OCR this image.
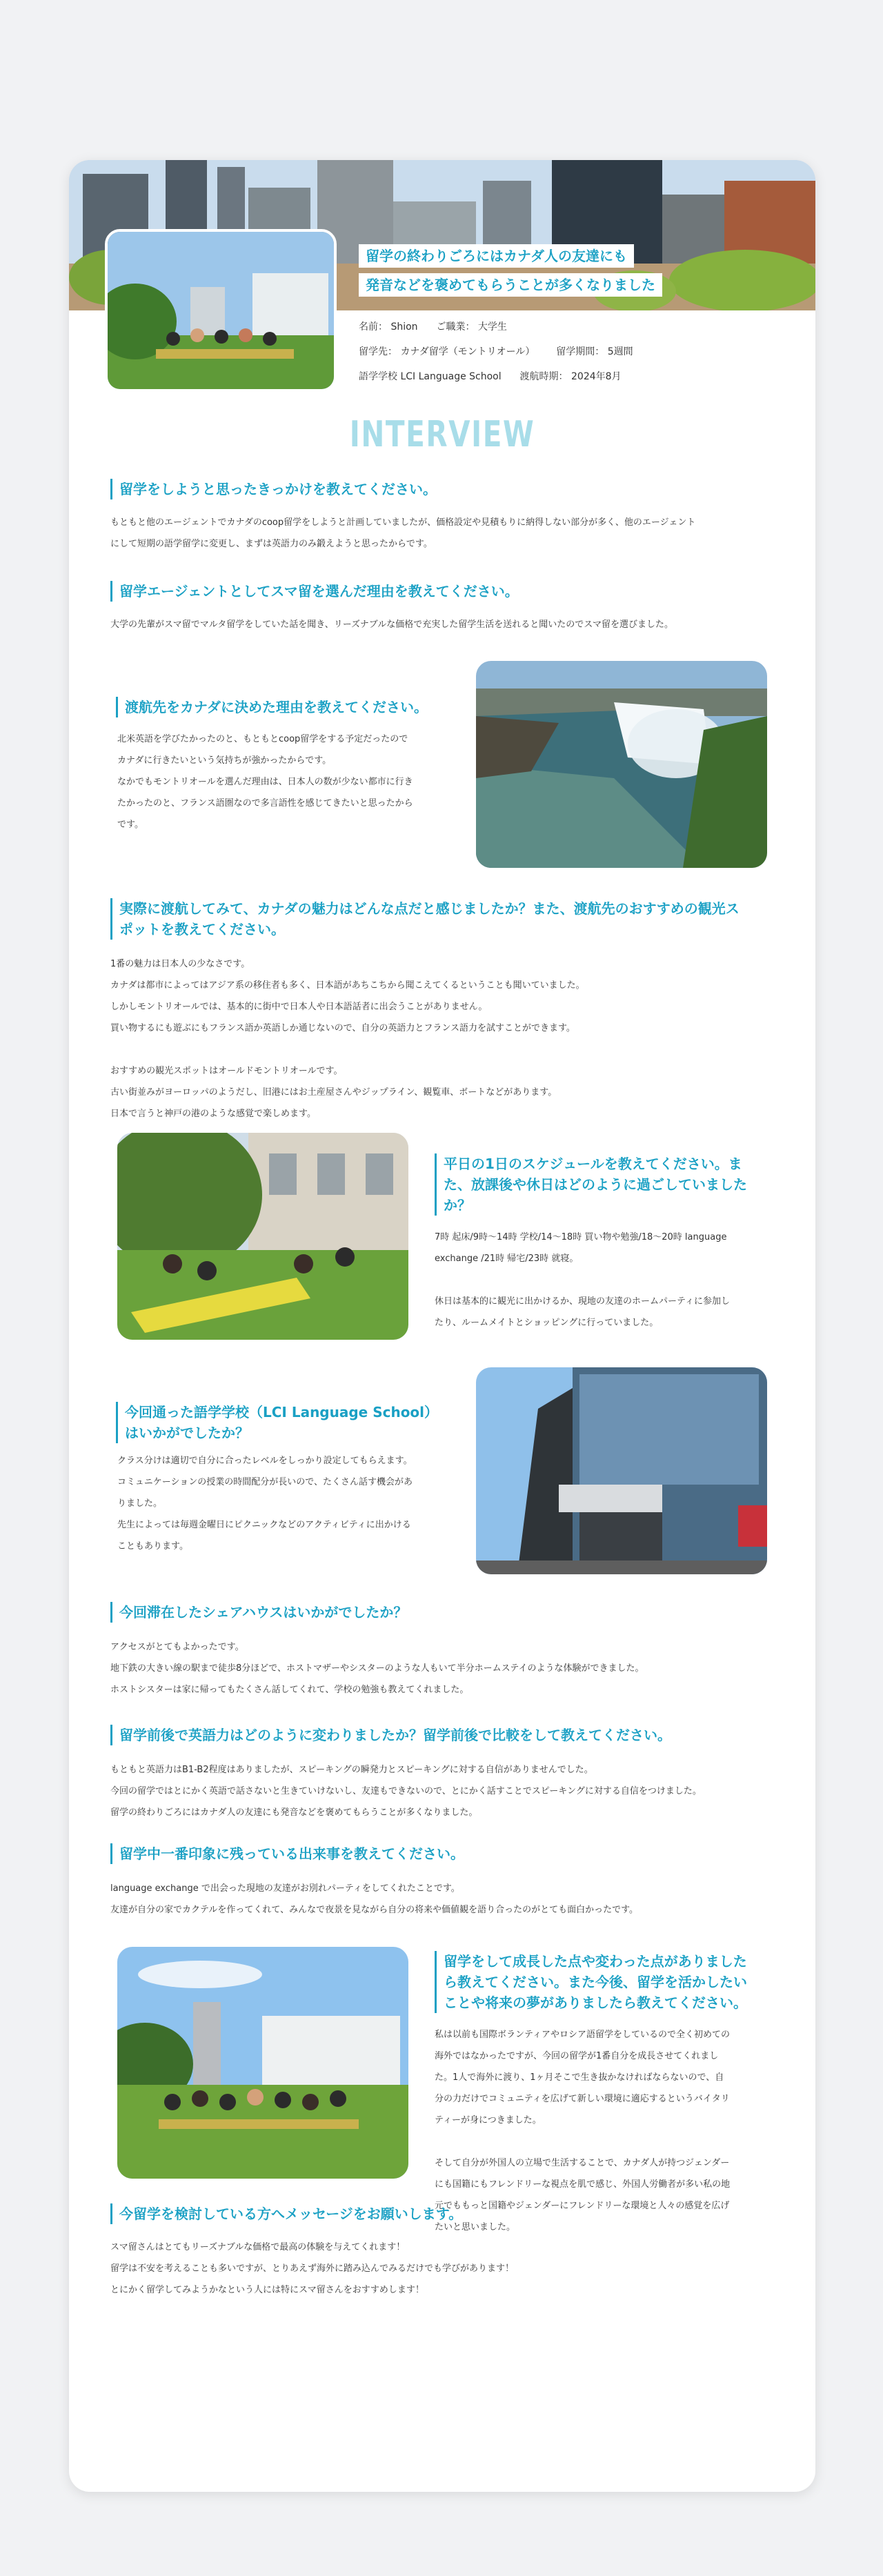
留学の終わりごろにはカナダ人の友達にも
発音などを褒めてもらうことが多くなりました
名前： Shion ご職業： 大学生
留学先： カナダ留学（モントリオール） 留学期間： 5週間
語学学校 LCI Language School 渡航時期： 2024年8月
INTERVIEW
留学をしようと思ったきっかけを教えてください。

もともと他のエージェントでカナダのcoop留学をしようと計画していましたが、価格設定や見積もりに納得しない部分が多く、他のエージェント
にして短期の語学留学に変更し、まずは英語力のみ鍛えようと思ったからです。

留学エージェントとしてスマ留を選んだ理由を教えてください。

大学の先輩がスマ留でマルタ留学をしていた話を聞き、リーズナブルな価格で充実した留学生活を送れると聞いたのでスマ留を選びました。

渡航先をカナダに決めた理由を教えてください。

北米英語を学びたかったのと、もともとcoop留学をする予定だったので
カナダに行きたいという気持ちが強かったからです。
なかでもモントリオールを選んだ理由は、日本人の数が少ない都市に行き
たかったのと、フランス語圏なので多言語性を感じてきたいと思ったから
です。

実際に渡航してみて、カナダの魅力はどんな点だと感じましたか？また、渡航先のおすすめの観光ス
ポットを教えてください。

1番の魅力は日本人の少なさです。
カナダは都市によってはアジア系の移住者も多く、日本語があちこちから聞こえてくるということも聞いていました。
しかしモントリオールでは、基本的に街中で日本人や日本語話者に出会うことがありません。
買い物するにも遊ぶにもフランス語か英語しか通じないので、自分の英語力とフランス語力を試すことができます。

おすすめの観光スポットはオールドモントリオールです。
古い街並みがヨーロッパのようだし、旧港にはお土産屋さんやジップライン、観覧車、ボートなどがあります。
日本で言うと神戸の港のような感覚で楽しめます。

平日の1日のスケジュールを教えてください。ま
た、放課後や休日はどのように過ごしていました
か？

7時 起床/9時〜14時 学校/14〜18時 買い物や勉強/18〜20時 language
exchange /21時 帰宅/23時 就寝。

休日は基本的に観光に出かけるか、現地の友達のホームパーティに参加し
たり、ルームメイトとショッピングに行っていました。

今回通った語学学校（LCI Language School）
はいかがでしたか？

クラス分けは適切で自分に合ったレベルをしっかり設定してもらえます。
コミュニケーションの授業の時間配分が長いので、たくさん話す機会があ
りました。
先生によっては毎週金曜日にピクニックなどのアクティビティに出かける
こともあります。

今回滞在したシェアハウスはいかがでしたか？

アクセスがとてもよかったです。
地下鉄の大きい線の駅まで徒歩8分ほどで、ホストマザーやシスターのような人もいて半分ホームステイのような体験ができました。
ホストシスターは家に帰ってもたくさん話してくれて、学校の勉強も教えてくれました。

留学前後で英語力はどのように変わりましたか？留学前後で比較をして教えてください。

もともと英語力はB1-B2程度はありましたが、スピーキングの瞬発力とスピーキングに対する自信がありませんでした。
今回の留学ではとにかく英語で話さないと生きていけないし、友達もできないので、とにかく話すことでスピーキングに対する自信をつけました。
留学の終わりごろにはカナダ人の友達にも発音などを褒めてもらうことが多くなりました。

留学中一番印象に残っている出来事を教えてください。

language exchange で出会った現地の友達がお別れパーティをしてくれたことです。
友達が自分の家でカクテルを作ってくれて、みんなで夜景を見ながら自分の将来や価値観を語り合ったのがとても面白かったです。

留学をして成長した点や変わった点がありました
ら教えてください。また今後、留学を活かしたい
ことや将来の夢がありましたら教えてください。

私は以前も国際ボランティアやロシア語留学をしているので全く初めての
海外ではなかったですが、今回の留学が1番自分を成長させてくれまし
た。1人で海外に渡り、1ヶ月そこで生き抜かなければならないので、自
分の力だけでコミュニティを広げて新しい環境に適応するというバイタリ
ティーが身につきました。

そして自分が外国人の立場で生活することで、カナダ人が持つジェンダー
にも国籍にもフレンドリーな視点を肌で感じ、外国人労働者が多い私の地
元でももっと国籍やジェンダーにフレンドリーな環境と人々の感覚を広げ
たいと思いました。

今留学を検討している方へメッセージをお願いします。

スマ留さんはとてもリーズナブルな価格で最高の体験を与えてくれます！
留学は不安を考えることも多いですが、とりあえず海外に踏み込んでみるだけでも学びがあります！
とにかく留学してみようかなという人には特にスマ留さんをおすすめします！
